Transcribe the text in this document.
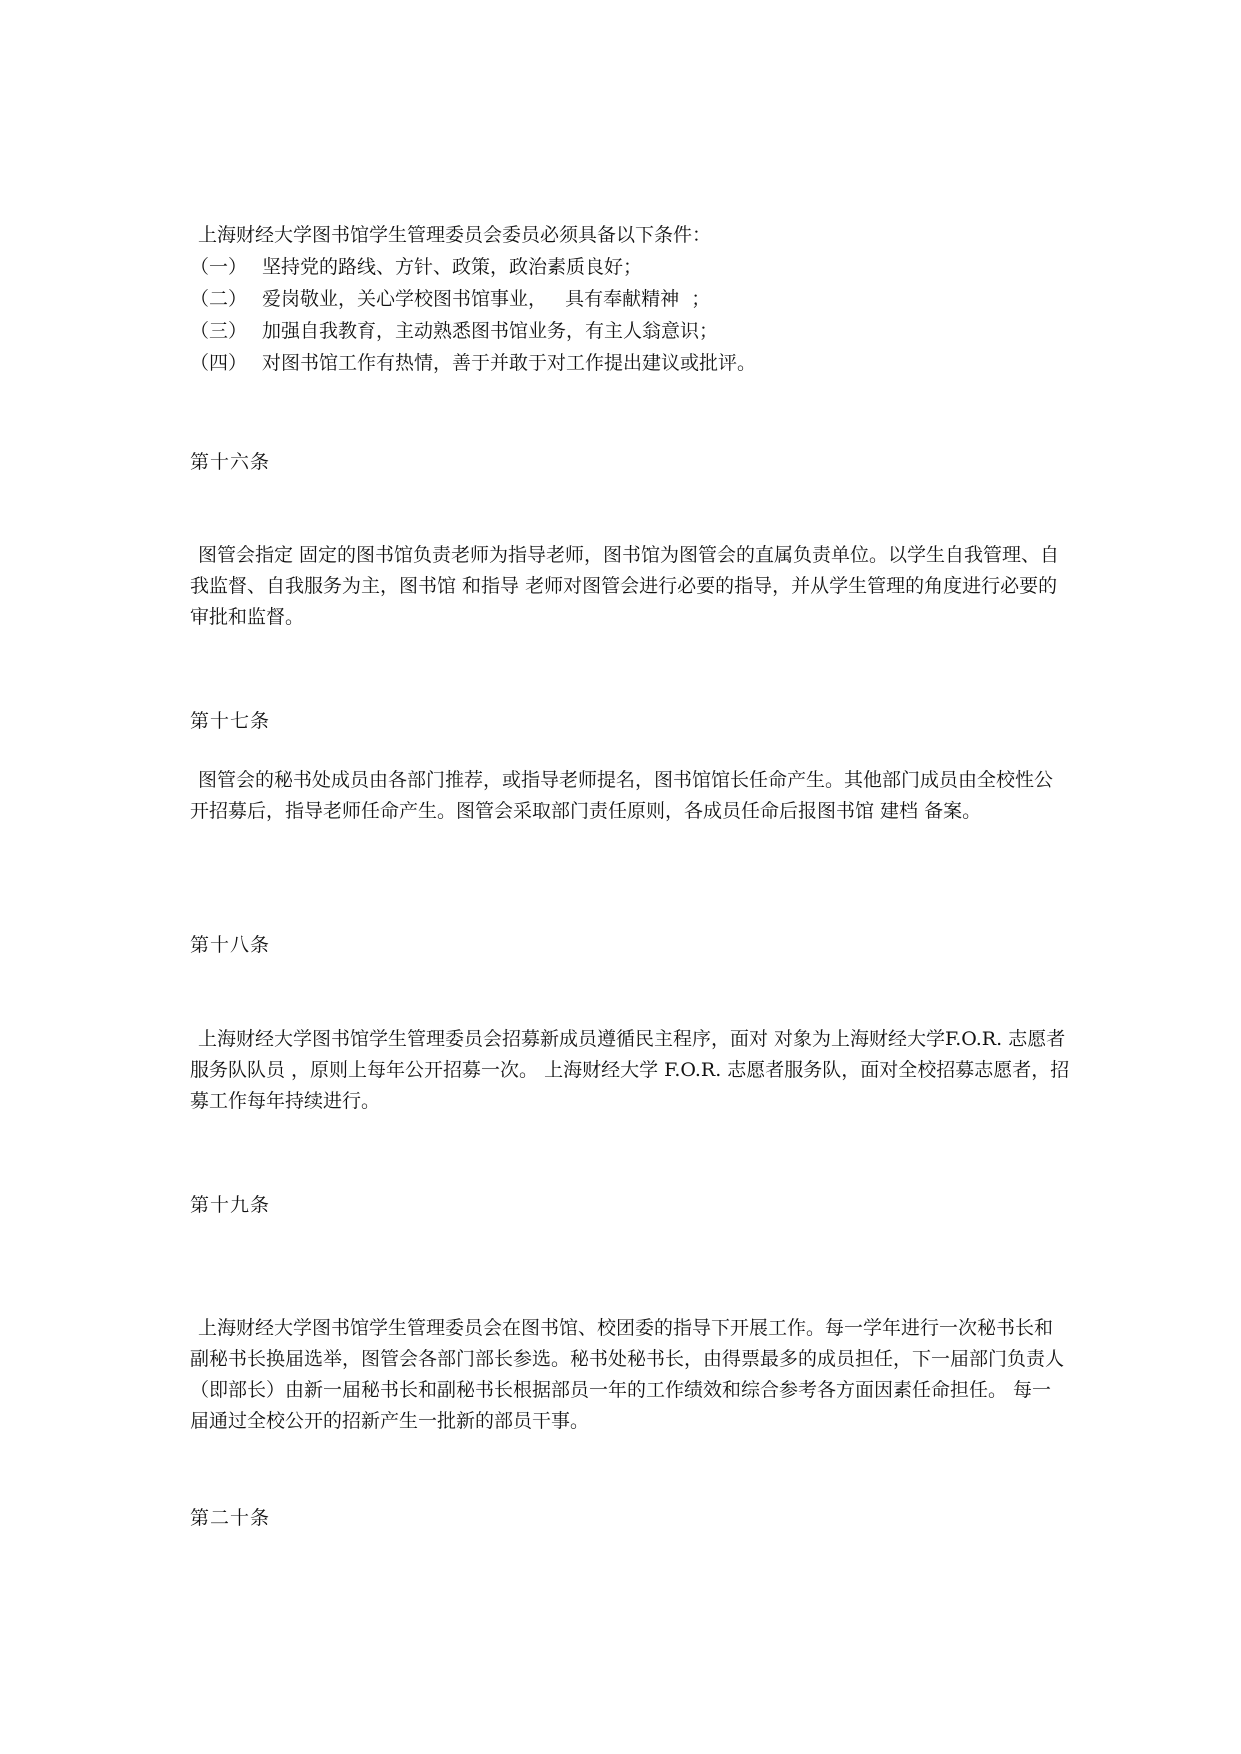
上海财经大学图书馆学生管理委员会委员必须具备以下条件：
（一） 坚持党的路线、方针、政策，政治素质良好；
（二） 爱岗敬业，关心学校图书馆事业，   具有奉献精神  ；
（三） 加强自我教育，主动熟悉图书馆业务，有主人翁意识；
（四） 对图书馆工作有热情，善于并敢于对工作提出建议或批评。
第十六条
图管会指定 固定的图书馆负责老师为指导老师，图书馆为图管会的直属负责单位。以学生自我管理、自我监督、自我服务为主，图书馆 和指导 老师对图管会进行必要的指导，并从学生管理的角度进行必要的审批和监督。
第十七条
图管会的秘书处成员由各部门推荐，或指导老师提名，图书馆馆长任命产生。其他部门成员由全校性公开招募后，指导老师任命产生。图管会采取部门责任原则，各成员任命后报图书馆 建档 备案。
第十八条
上海财经大学图书馆学生管理委员会招募新成员遵循民主程序，面对 对象为上海财经大学F.O.R. 志愿者服务队队员 ，原则上每年公开招募一次。 上海财经大学 F.O.R. 志愿者服务队，面对全校招募志愿者，招募工作每年持续进行。
第十九条
上海财经大学图书馆学生管理委员会在图书馆、校团委的指导下开展工作。每一学年进行一次秘书长和副秘书长换届选举，图管会各部门部长参选。秘书处秘书长，由得票最多的成员担任，下一届部门负责人（即部长）由新一届秘书长和副秘书长根据部员一年的工作绩效和综合参考各方面因素任命担任。 每一届通过全校公开的招新产生一批新的部员干事。
第二十条
